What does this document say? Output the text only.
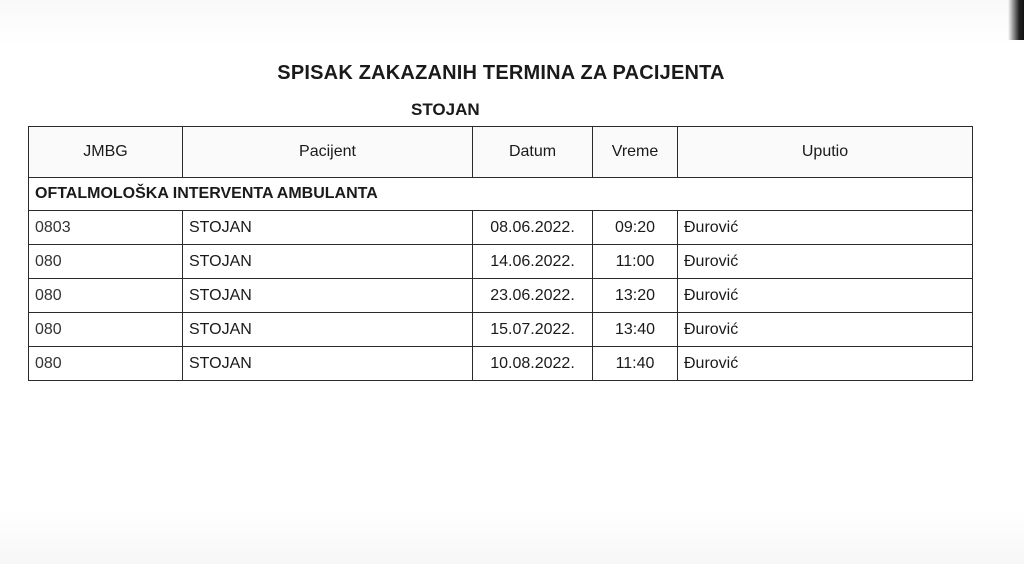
SPISAK ZAKAZANIH TERMINA ZA PACIJENTA
STOJAN
JMBG	Pacijent	Datum	Vreme	Uputio
OFTALMOLOŠKA INTERVENTA AMBULANTA				
0803	STOJAN	08.06.2022.	09:20	Đurović
080	STOJAN	14.06.2022.	11:00	Đurović
080	STOJAN	23.06.2022.	13:20	Đurović
080	STOJAN	15.07.2022.	13:40	Đurović
080	STOJAN	10.08.2022.	11:40	Đurović
